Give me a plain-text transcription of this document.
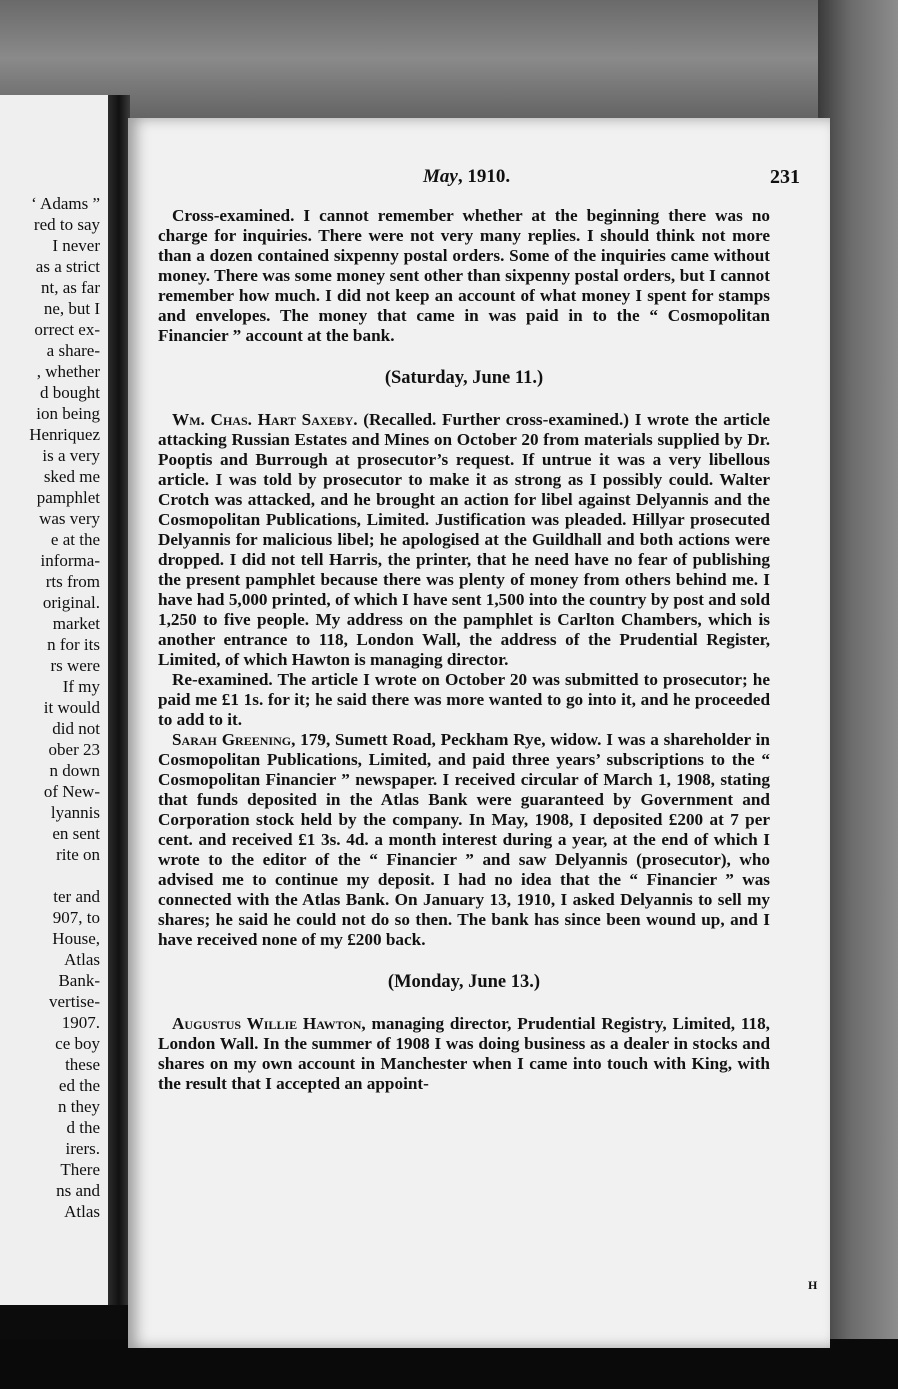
‘ Adams ”
red to say
I never
as a strict
nt, as far
ne, but I
orrect ex-
a share-
, whether
d bought
ion being
Henriquez
is a very
sked me
pamphlet
was very
e at the
informa-
rts from
original.
market
n for its
rs were
If my
it would
did not
ober 23
n down
of New-
lyannis
en sent
rite on
ter and
907, to
House,
Atlas
Bank-
vertise-
1907.
ce boy
these
ed the
n they
d the
irers.
There
ns and
Atlas
May, 1910.	231

Cross-examined. I cannot remember whether at the beginning there was no charge for inquiries. There were not very many replies. I should think not more than a dozen contained sixpenny postal orders. Some of the inquiries came without money. There was some money sent other than sixpenny postal orders, but I cannot remember how much. I did not keep an account of what money I spent for stamps and envelopes. The money that came in was paid in to the “ Cosmopolitan Financier ” account at the bank.

(Saturday, June 11.)

Wm. Chas. Hart Saxeby. (Recalled. Further cross-examined.) I wrote the article attacking Russian Estates and Mines on October 20 from materials supplied by Dr. Pooptis and Burrough at prosecutor’s request. If untrue it was a very libellous article. I was told by prosecutor to make it as strong as I possibly could. Walter Crotch was attacked, and he brought an action for libel against Delyannis and the Cosmopolitan Publications, Limited. Justification was pleaded. Hillyar prosecuted Delyannis for malicious libel; he apologised at the Guildhall and both actions were dropped. I did not tell Harris, the printer, that he need have no fear of publishing the present pamphlet because there was plenty of money from others behind me. I have had 5,000 printed, of which I have sent 1,500 into the country by post and sold 1,250 to five people. My address on the pamphlet is Carlton Chambers, which is another entrance to 118, London Wall, the address of the Prudential Register, Limited, of which Hawton is managing director.

Re-examined. The article I wrote on October 20 was submitted to prosecutor; he paid me £1 1s. for it; he said there was more wanted to go into it, and he proceeded to add to it.

Sarah Greening, 179, Sumett Road, Peckham Rye, widow. I was a shareholder in Cosmopolitan Publications, Limited, and paid three years’ subscriptions to the “ Cosmopolitan Financier ” newspaper. I received circular of March 1, 1908, stating that funds deposited in the Atlas Bank were guaranteed by Government and Corporation stock held by the company. In May, 1908, I deposited £200 at 7 per cent. and received £1 3s. 4d. a month interest during a year, at the end of which I wrote to the editor of the “ Financier ” and saw Delyannis (prosecutor), who advised me to continue my deposit. I had no idea that the “ Financier ” was connected with the Atlas Bank. On January 13, 1910, I asked Delyannis to sell my shares; he said he could not do so then. The bank has since been wound up, and I have received none of my £200 back.

(Monday, June 13.)

Augustus Willie Hawton, managing director, Prudential Registry, Limited, 118, London Wall. In the summer of 1908 I was doing business as a dealer in stocks and shares on my own account in Manchester when I came into touch with King, with the result that I accepted an appoint-

H
